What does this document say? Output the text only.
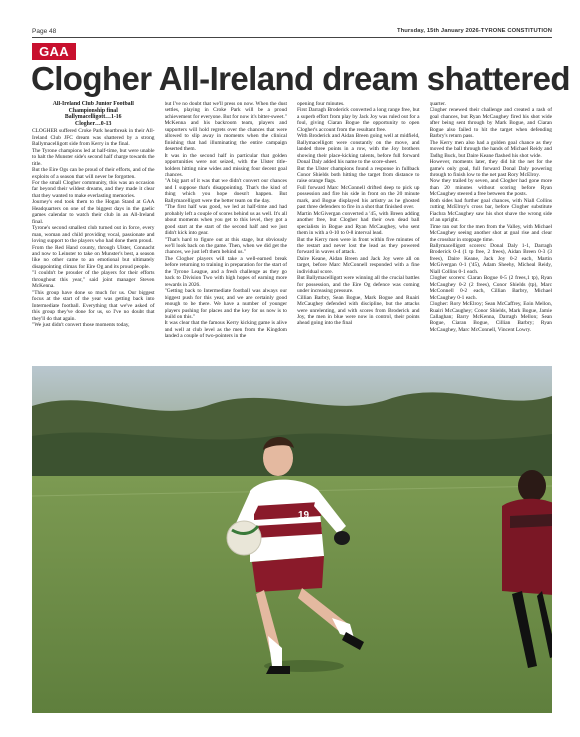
Page 48	Thursday, 15th January 2026-TYRONE CONSTITUTION
GAA
Clogher All-Ireland dream shattered
All-Ireland Club Junior Football
Championship final
Ballymacelligott…1-16
Clogher…0-13

CLOGHER suffered Croke Park heartbreak in their All-Ireland Club JFC dream was shattered by a strong Ballymacelligott side from Kerry in the final.

The Tyrone champions led at half-time, but were unable to halt the Munster side's second half charge towards the title.

But the Eire Ogs can be proud of their efforts, and of the exploits of a season that will never be forgotten.

For the small Clogher community, this was an occasion far beyond their wildest dreams, and they made it clear that they wanted to make everlasting memories.

Journey's end took them to the Hogan Stand at GAA Headquarters on one of the biggest days in the gaelic games calendar to watch their club in an All-Ireland final.

Tyrone's second smallest club turned out in force, every man, woman and child providing vocal, passionate and loving support to the players who had done them proud.

From the Red Hand county, through Ulster, Connacht and now to Leinster to take on Munster's best, a season like no other came to an emotional but ultimately disappointing climax for Eire Og and its proud people.

"I couldn't be prouder of the players for their efforts throughout this year," said joint manager Steven McKenna.

"This group have done so much for us. Our biggest focus at the start of the year was getting back into Intermediate football. Everything that we've asked of this group they've done for us, so I've no doubt that they'll do that again.

"We just didn't convert those moments today,

but I've no doubt that we'll press on now. When the dust settles, playing in Croke Park will be a proud achievement for everyone. But for now it's bitter-sweet."

McKenna and his backroom team, players and supporters will hold regrets over the chances that were allowed to slip away in moments when the clinical finishing that had illuminating the entire campaign deserted them.

It was in the second half in particular that golden opportunities were not seized, with the Ulster title-holders hitting nine wides and missing four decent goal chances.

"A big part of it was that we didn't convert our chances and I suppose that's disappointing. That's the kind of thing which you hope doesn't happen. But Ballymacelligott were the better team on the day.

"The first half was good, we led at half-time and had probably left a couple of scores behind us as well. It's all about moments when you get to this level, they got a good start at the start of the second half and we just didn't kick into gear.

"That's hard to figure out at this stage, but obviously we'll look back on the game. Then, when we did get the chances, we just left them behind us."

The Clogher players will take a well-earned break before returning to training in preparation for the start of the Tyrone League, and a fresh challenge as they go back to Division Two with high hopes of earning more rewards in 2026.

"Getting back to Intermediate football was always our biggest push for this year, and we are certainly good enough to be there. We have a number of younger players pushing for places and the key for us now is to build on this."

It was clear that the famous Kerry kicking game is alive and well at club level as the men from the Kingdom landed a couple of two-pointers in the

opening four minutes.

First Darragh Broderick converted a long range free, but a superb effort from play by Jack Joy was ruled out for a foul, giving Ciaran Bogue the opportunity to open Clogher's account from the resultant free.

With Broderick and Aidan Breen going well at midfield, Ballymacelligott were constantly on the move, and landed three points in a row, with the Joy brothers showing their place-kicking talents, before full forward Donal Daly added his name to the score-sheet.

But the Ulster champions found a response in fullback Conor Shields both hitting the target from distance to raise orange flags.

Full forward Marc McConnell drifted deep to pick up possession and fire his side in front on the 20 minute mark, and Bogue displayed his artistry as he ghosted past three defenders to fire in a shot that finished over.

Martin McGivergan converted a '45, with Breen adding another free, but Clogher had their own dead ball specialists in Bogue and Ryan McCaughey, who sent them in with a 0-10 to 0-8 interval lead.

But the Kerry men were in front within five minutes of the restart and never lost the lead as they powered forward in waves of attack.

Daire Keane, Aidan Breen and Jack Joy were all on target, before Marc McConnell responded with a fine individual score.

But Ballymacelligott were winning all the crucial battles for possession, and the Eire Og defence was coming under increasing pressure.

Cillian Barbry, Sean Bogue, Mark Bogue and Ruairi McCaughey defended with discipline, but the attacks were unrelenting, and with scores from Broderick and Joy, the men in blue were now in control, their points ahead going into the final

quarter.

Clogher renewed their challenge and created a rash of goal chances, but Ryan McCaughey fired his shot wide after being sent through by Mark Bogue, and Ciaran Bogue also failed to hit the target when defending Barbry's return pass.

The Kerry men also had a golden goal chance as they moved the ball through the hands of Michael Reidy and Tadhg Buck, but Daire Keane flashed his shot wide.

However, moments later, they did hit the net for the game's only goal, full forward Donal Daly powering through to finish low to the net past Rory McElroy.

Now they trailed by seven, and Clogher had gone more than 20 minutes without scoring before Ryan McCaughey steered a free between the posts.

Both sides had further goal chances, with Niall Collins cutting McElroy's cross bar, before Clogher substitute Fiachra McCaughey saw his shot shave the wrong side of an upright.

Time ran out for the men from the Valley, with Michael McCaughey seeing another shot at goal rise and clear the crossbar in stoppage time.

Ballymacelligott scorers: Donal Daly 1-1, Darragh Broderick 0-4 (1 tp free, 2 frees), Aidan Breen 0-3 (3 frees), Daire Keane, Jack Joy 0-2 each, Martin McGivergan 0-1 ('45), Adam Sheehy, Micheal Reidy, Niall Collins 0-1 each.

Clogher scorers: Ciaran Bogue 0-5 (2 frees,1 tp), Ryan McCaughey 0-2 (2 frees), Conor Shields (tp), Marc McConnell 0-2 each, Cillian Barbry, Michael McCaughey 0-1 each.

Clogher: Rory McElroy; Sean McCaffrey, Eoin Mellon, Ruairi McCaughey; Conor Shields, Mark Bogue, Jamie Callaghan; Barry McKenna, Darragh Mellon; Sean Bogue, Ciaran Bogue, Cillian Barbry; Ryan McCaughey, Marc McConnell, Vincent Lowry.

19
